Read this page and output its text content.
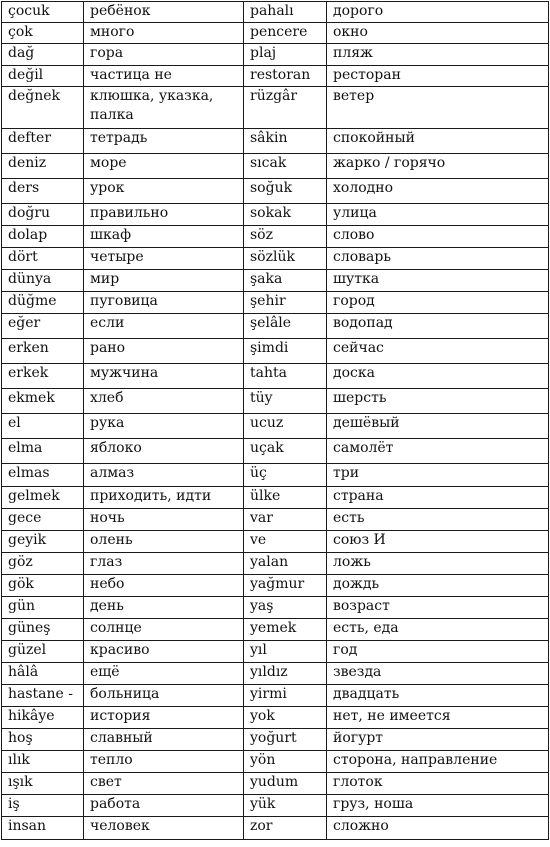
çocuk	ребёнок	pahalı	дорого
çok	много	pencere	окно
dağ	гора	plaj	пляж
değil	частица не	restoran	ресторан
değnek	клюшка, указка, палка	rüzgâr	ветер
defter	тетрадь	sâkin	спокойный
deniz	море	sıcak	жарко / горячо
ders	урок	soğuk	холодно
doğru	правильно	sokak	улица
dolap	шкаф	söz	слово
dört	четыре	sözlük	словарь
dünya	мир	şaka	шутка
düğme	пуговица	şehir	город
eğer	если	şelâle	водопад
erken	рано	şimdi	сейчас
erkek	мужчина	tahta	доска
ekmek	хлеб	tüy	шерсть
el	рука	ucuz	дешёвый
elma	яблоко	uçak	самолёт
elmas	алмаз	üç	три
gelmek	приходить, идти	ülke	страна
gece	ночь	var	есть
geyik	олень	ve	союз И
göz	глаз	yalan	ложь
gök	небо	yağmur	дождь
gün	день	yaş	возраст
güneş	солнце	yemek	есть, еда
güzel	красиво	yıl	год
hâlâ	ещё	yıldız	звезда
hastane -	больница	yirmi	двадцать
hikâye	история	yok	нет, не имеется
hoş	славный	yoğurt	йогурт
ılık	тепло	yön	сторона, направление
ışık	свет	yudum	глоток
iş	работа	yük	груз, ноша
insan	человек	zor	сложно
